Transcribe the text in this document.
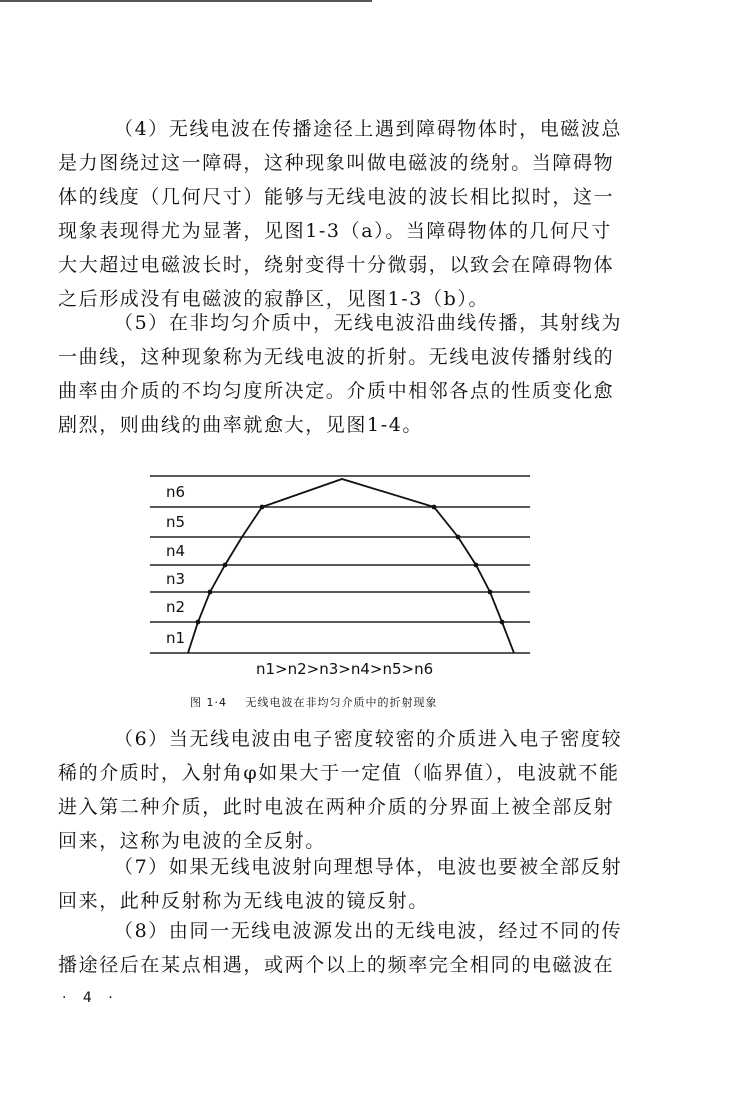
（4）无线电波在传播途径上遇到障碍物体时，电磁波总
是力图绕过这一障碍，这种现象叫做电磁波的绕射。当障碍物
体的线度（几何尺寸）能够与无线电波的波长相比拟时，这一
现象表现得尤为显著，见图1-3（a）。当障碍物体的几何尺寸
大大超过电磁波长时，绕射变得十分微弱，以致会在障碍物体
之后形成没有电磁波的寂静区，见图1-3（b）。
（5）在非均匀介质中，无线电波沿曲线传播，其射线为
一曲线，这种现象称为无线电波的折射。无线电波传播射线的
曲率由介质的不均匀度所决定。介质中相邻各点的性质变化愈
剧烈，则曲线的曲率就愈大，见图1-4。
n6
n5
n4
n3
n2
n1
n1>n2>n3>n4>n5>n6
图 1·4 无线电波在非均匀介质中的折射现象
（6）当无线电波由电子密度较密的介质进入电子密度较
稀的介质时，入射角φ如果大于一定值（临界值），电波就不能
进入第二种介质，此时电波在两种介质的分界面上被全部反射
回来，这称为电波的全反射。
（7）如果无线电波射向理想导体，电波也要被全部反射
回来，此种反射称为无线电波的镜反射。
（8）由同一无线电波源发出的无线电波，经过不同的传
播途径后在某点相遇，或两个以上的频率完全相同的电磁波在
· 4 ·
